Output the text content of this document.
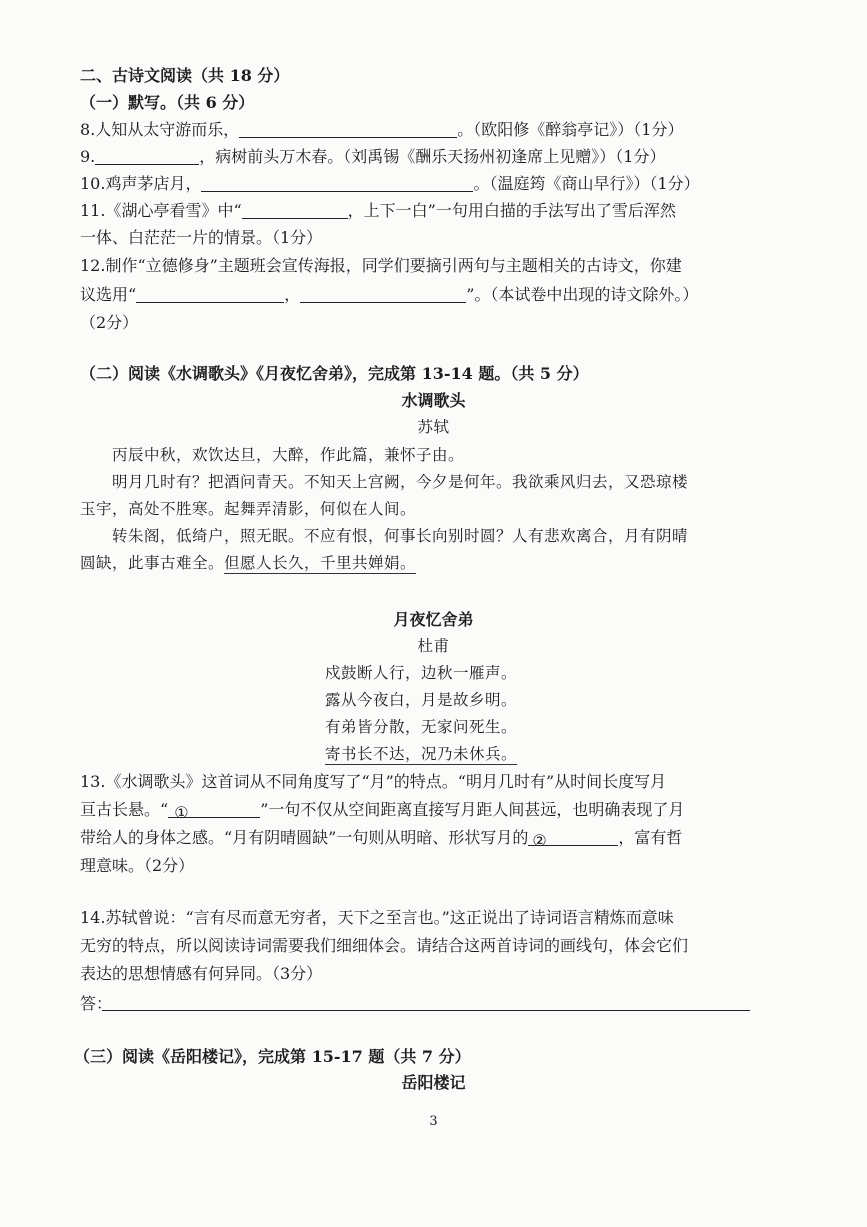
二、古诗文阅读（共 18 分）
（一）默写。（共 6 分）
8.人知从太守游而乐，	。（欧阳修《醉翁亭记》）（1分）
9.	，病树前头万木春。（刘禹锡《酬乐天扬州初逢席上见赠》）（1分）
10.鸡声茅店月，	。（温庭筠《商山早行》）（1分）
11.《湖心亭看雪》中“	，上下一白”一句用白描的手法写出了雪后浑然
一体、白茫茫一片的情景。（1分）
12.制作“立德修身”主题班会宣传海报，同学们要摘引两句与主题相关的古诗文，你建
议选用“	，	”。（本试卷中出现的诗文除外。）
（2分）
（二）阅读《水调歌头》《月夜忆舍弟》，完成第 13-14 题。（共 5 分）
水调歌头
苏轼
丙辰中秋，欢饮达旦，大醉，作此篇，兼怀子由。
明月几时有？把酒问青天。不知天上宫阙，今夕是何年。我欲乘风归去，又恐琼楼
玉宇，高处不胜寒。起舞弄清影，何似在人间。
转朱阁，低绮户，照无眠。不应有恨，何事长向别时圆？人有悲欢离合，月有阴晴
圆缺，此事古难全。但愿人长久，千里共婵娟。
月夜忆舍弟
杜甫
戍鼓断人行，边秋一雁声。
露从今夜白，月是故乡明。
有弟皆分散，无家问死生。
寄书长不达，况乃未休兵。
13.《水调歌头》这首词从不同角度写了“月”的特点。“明月几时有”从时间长度写月
亘古长悬。“ ①	”一句不仅从空间距离直接写月距人间甚远，也明确表现了月
带给人的身体之感。“月有阴晴圆缺”一句则从明暗、形状写月的 ②	，富有哲
理意味。（2分）
14.苏轼曾说：“言有尽而意无穷者，天下之至言也。”这正说出了诗词语言精炼而意味
无穷的特点，所以阅读诗词需要我们细细体会。请结合这两首诗词的画线句，体会它们
表达的思想情感有何异同。（3分）
答：
（三）阅读《岳阳楼记》，完成第 15-17 题（共 7 分）
岳阳楼记
3
